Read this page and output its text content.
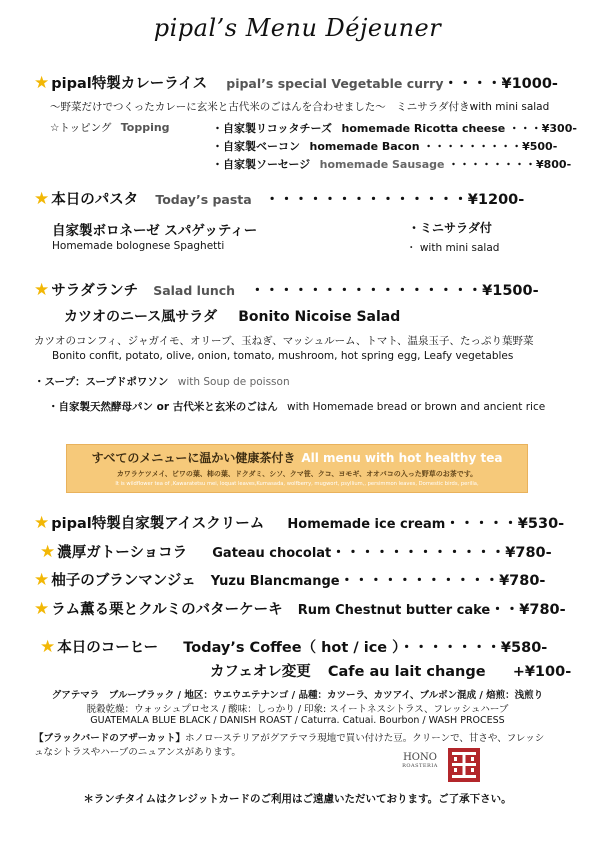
pipal’s Menu Déjeuner
★ pipal特製カレーライス pipal’s special Vegetable curry・・・・¥1000-
〜野菜だけでつくったカレーに玄米と古代米のごはんを合わせました〜　ミニサラダ付きwith mini salad
☆トッピング Topping	・自家製リコッタチーズ homemade Ricotta cheese ・・・¥300-
・自家製ベーコン homemade Bacon ・・・・・・・・・¥500-
・自家製ソーセージ homemade Sausage ・・・・・・・・¥800-
★ 本日のパスタ Today’s pasta ・・・・・・・・・・・・・・¥1200-
自家製ボロネーゼ スパゲッティー
Homemade bolognese Spaghetti
・ミニサラダ付
・ with mini salad
★ サラダランチ Salad lunch ・・・・・・・・・・・・・・・・¥1500-
カツオのニース風サラダ Bonito Nicoise Salad
カツオのコンフィ、ジャガイモ、オリーブ、玉ねぎ、マッシュルーム、トマト、温泉玉子、たっぷり葉野菜
Bonito confit, potato, olive, onion, tomato, mushroom, hot spring egg, Leafy vegetables
・スープ：スープドポワソン with Soup de poisson
・自家製天然酵母パン or 古代米と玄米のごはん with Homemade bread or brown and ancient rice
すべてのメニューに温かい健康茶付き All menu with hot healthy tea
カワラケツメイ、ビワの葉、柿の葉、ドクダミ、シソ、クマ笹、クコ、ヨモギ、オオバコの入った野草のお茶です。
It is wildflower tea of ,Kawaratetsu mei, loquat leaves,Kumasada, wolfberry, mugwort, psyllium,, persimmon leaves, Domestic birds, perilla,
★ pipal特製自家製アイスクリーム Homemade ice cream・・・・・¥530-
★ 濃厚ガトーショコラ Gateau chocolat・・・・・・・・・・・・¥780-
★ 柚子のブランマンジェ Yuzu Blancmange・・・・・・・・・・・¥780-
★ ラム薫る栗とクルミのバターケーキ Rum Chestnut butter cake・・¥780-
★ 本日のコーヒー Today’s Coffee（ hot / ice ）・・・・・・・¥580-
カフェオレ変更 Cafe au lait change +¥100-
グアテマラ　ブルーブラック / 地区：ウエウエテナンゴ / 品種：カツーラ、カツアイ、ブルボン混成 / 焙煎：浅煎り
脱穀乾燥：ウォッシュプロセス / 酸味：しっかり / 印象: スイートネスシトラス、フレッシュハーブ
GUATEMALA BLUE BLACK / DANISH ROAST / Caturra. Catuai. Bourbon / WASH PROCESS
【ブラックバードのアザーカット】ホノローステリアがグアテマラ現地で買い付けた豆。クリーンで、甘さや、フレッシ
ュなシトラスやハーブのニュアンスがあります。	HONO
ROASTERIA
＊ランチタイムはクレジットカードのご利用はご遠慮いただいております。ご了承下さい。
